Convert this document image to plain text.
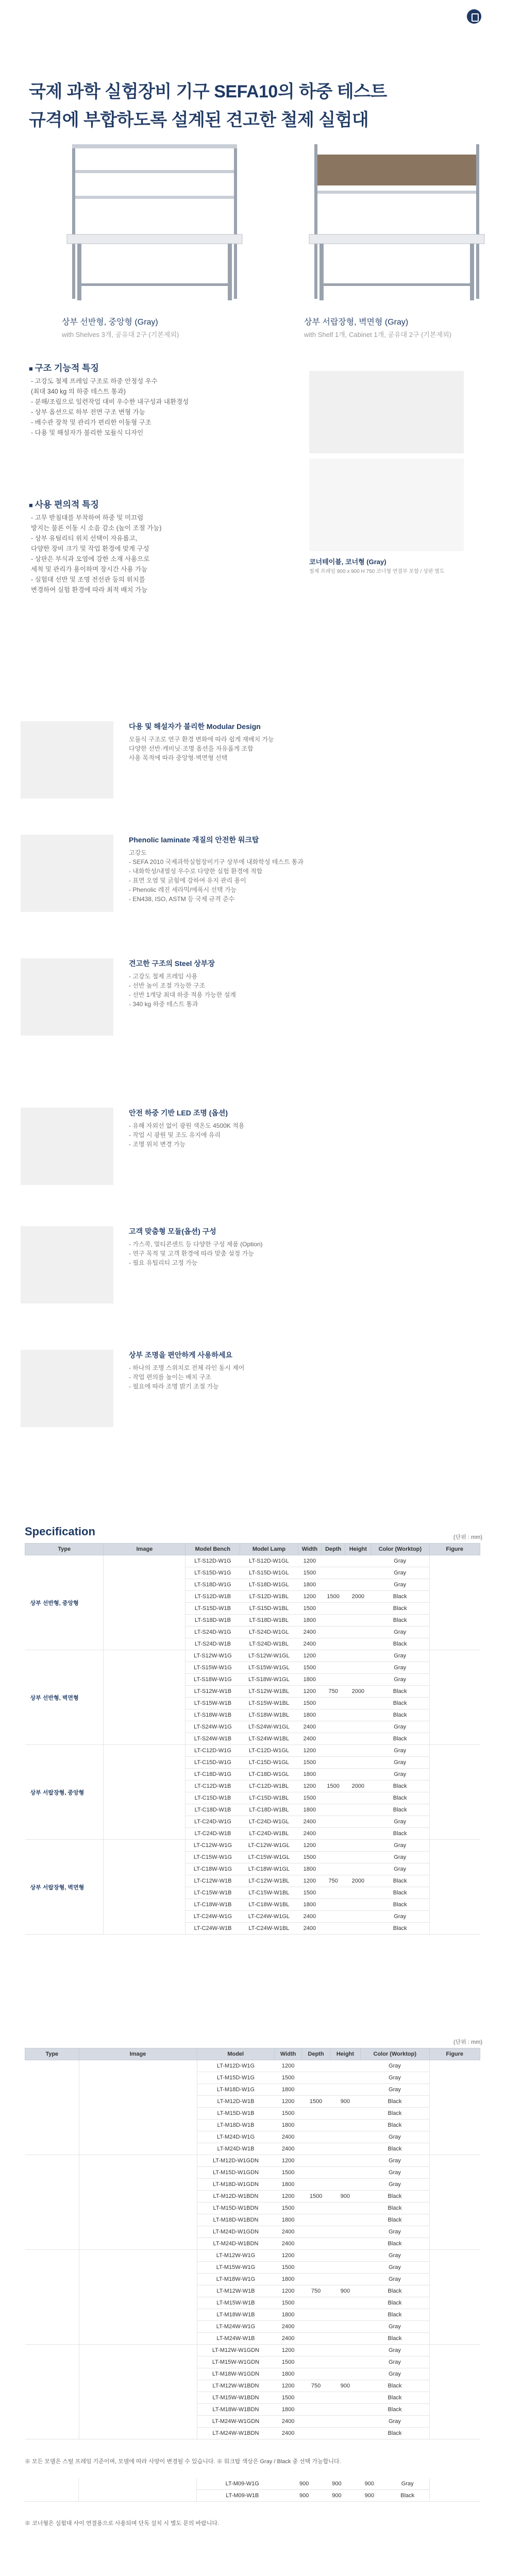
국제 과학 실험장비 기구 SEFA10의 하중 테스트
규격에 부합하도록 설계된 견고한 철제 실험대
상부 선반형, 중앙형 (Gray)
with Shelves 3개, 공유대 2구 (기본제외)
상부 서랍장형, 벽면형 (Gray)
with Shelf 1개, Cabinet 1개, 공유대 2구 (기본제외)
■ 구조 기능적 특징
- 고강도 철제 프레임 구조로 하중 안정성 우수
(최대 340 kg 의 하중 테스트 통과)
- 분해/조립으로 일련작업 대비 우수한 내구성과 내환경성
- 상부 옵션으로 하부 전면 구조 변형 가능
- 배수관 장착 및 관리가 편리한 이동형 구조
- 다용 및 해설자가 불리한 모듈식 디자인
코너테이블, 코너형 (Gray)
철제 프레임 900 x 900 H 750 코너형 연결부 포함 / 상판 별도
■ 사용 편의적 특징
- 고무 받침대를 부착하여 하중 및 미끄럼
방지는 물론 이동 시 소음 감소 (높이 조절 가능)
- 상부 유틸리티 위치 선택이 자유롭고,
다양한 장비 크기 및 작업 환경에 맞게 구성
- 상판은 부식과 오염에 강한 소재 사용으로
세척 및 관리가 용이하며 장시간 사용 가능
- 실험대 선반 및 조명 전선관 등의 위치를
변경하여 실험 환경에 따라 최적 배치 가능
다용 및 해설자가 불리한 Modular Design
모듈식 구조로 연구 환경 변화에 따라 쉽게 재배치 가능
다양한 선반·캐비닛·조명 옵션을 자유롭게 조합
사용 목적에 따라 중앙형·벽면형 선택
Phenolic laminate 재질의 안전한 워크탑
고강도
- SEFA 2010 국제과학실험장비기구 상부에 내화학성 테스트 통과
- 내화학성/내열성 우수로 다양한 실험 환경에 적합
- 표면 오염 및 긁힘에 강하여 유지 관리 용이
- Phenolic 레진 세라믹/에폭시 선택 가능
- EN438, ISO, ASTM 등 국제 규격 준수
견고한 구조의 Steel 상부장
- 고강도 철제 프레임 사용
- 선반 높이 조절 가능한 구조
- 선반 1개당 최대 하중 적용 가능한 설계
- 340 kg 하중 테스트 통과
안전 하중 기반 LED 조명 (옵션)
- 유해 자외선 없이 광원 색온도 4500K 적용
- 작업 시 광원 및 조도 유지에 유리
- 조명 위치 변경 가능
고객 맞춤형 모듈(옵션) 구성
- 가스콕, 멀티콘센트 등 다양한 구성 제품 (Option)
- 연구 목적 및 고객 환경에 따라 맞춤 설정 가능
- 필요 유틸리티 고정 가능
상부 조명을 편안하게 사용하세요
- 하나의 조명 스위치로 전체 라인 동시 제어
- 작업 편의를 높이는 배치 구조
- 필요에 따라 조명 밝기 조절 가능
Specification	(단위 : mm)
Type	Image	Model Bench	Model Lamp	Width	Depth	Height	Color (Worktop)	Figure
상부 선반형, 중앙형		LT-S12D-W1G	LT-S12D-W1GL	1200			Gray	
		LT-S15D-W1G	LT-S15D-W1GL	1500			Gray	
		LT-S18D-W1G	LT-S18D-W1GL	1800			Gray	
		LT-S12D-W1B	LT-S12D-W1BL	1200	1500	2000	Black	
		LT-S15D-W1B	LT-S15D-W1BL	1500			Black	
		LT-S18D-W1B	LT-S18D-W1BL	1800			Black	
		LT-S24D-W1G	LT-S24D-W1GL	2400			Gray	
		LT-S24D-W1B	LT-S24D-W1BL	2400			Black	
상부 선반형, 벽면형		LT-S12W-W1G	LT-S12W-W1GL	1200			Gray	
		LT-S15W-W1G	LT-S15W-W1GL	1500			Gray	
		LT-S18W-W1G	LT-S18W-W1GL	1800			Gray	
		LT-S12W-W1B	LT-S12W-W1BL	1200	750	2000	Black	
		LT-S15W-W1B	LT-S15W-W1BL	1500			Black	
		LT-S18W-W1B	LT-S18W-W1BL	1800			Black	
		LT-S24W-W1G	LT-S24W-W1GL	2400			Gray	
		LT-S24W-W1B	LT-S24W-W1BL	2400			Black	
상부 서랍장형, 중앙형		LT-C12D-W1G	LT-C12D-W1GL	1200			Gray	
		LT-C15D-W1G	LT-C15D-W1GL	1500			Gray	
		LT-C18D-W1G	LT-C18D-W1GL	1800			Gray	
		LT-C12D-W1B	LT-C12D-W1BL	1200	1500	2000	Black	
		LT-C15D-W1B	LT-C15D-W1BL	1500			Black	
		LT-C18D-W1B	LT-C18D-W1BL	1800			Black	
		LT-C24D-W1G	LT-C24D-W1GL	2400			Gray	
		LT-C24D-W1B	LT-C24D-W1BL	2400			Black	
상부 서랍장형, 벽면형		LT-C12W-W1G	LT-C12W-W1GL	1200			Gray	
		LT-C15W-W1G	LT-C15W-W1GL	1500			Gray	
		LT-C18W-W1G	LT-C18W-W1GL	1800			Gray	
		LT-C12W-W1B	LT-C12W-W1BL	1200	750	2000	Black	
		LT-C15W-W1B	LT-C15W-W1BL	1500			Black	
		LT-C18W-W1B	LT-C18W-W1BL	1800			Black	
		LT-C24W-W1G	LT-C24W-W1GL	2400			Gray	
		LT-C24W-W1B	LT-C24W-W1BL	2400			Black	
(단위 : mm)
Type	Image	Model	Width	Depth	Height	Color (Worktop)	Figure
		LT-M12D-W1G	1200			Gray	
		LT-M15D-W1G	1500			Gray	
		LT-M18D-W1G	1800			Gray	
		LT-M12D-W1B	1200	1500	900	Black	
		LT-M15D-W1B	1500			Black	
		LT-M18D-W1B	1800			Black	
		LT-M24D-W1G	2400			Gray	
		LT-M24D-W1B	2400			Black	
		LT-M12D-W1GDN	1200			Gray	
		LT-M15D-W1GDN	1500			Gray	
		LT-M18D-W1GDN	1800			Gray	
		LT-M12D-W1BDN	1200	1500	900	Black	
		LT-M15D-W1BDN	1500			Black	
		LT-M18D-W1BDN	1800			Black	
		LT-M24D-W1GDN	2400			Gray	
		LT-M24D-W1BDN	2400			Black	
		LT-M12W-W1G	1200			Gray	
		LT-M15W-W1G	1500			Gray	
		LT-M18W-W1G	1800			Gray	
		LT-M12W-W1B	1200	750	900	Black	
		LT-M15W-W1B	1500			Black	
		LT-M18W-W1B	1800			Black	
		LT-M24W-W1G	2400			Gray	
		LT-M24W-W1B	2400			Black	
		LT-M12W-W1GDN	1200			Gray	
		LT-M15W-W1GDN	1500			Gray	
		LT-M18W-W1GDN	1800			Gray	
		LT-M12W-W1BDN	1200	750	900	Black	
		LT-M15W-W1BDN	1500			Black	
		LT-M18W-W1BDN	1800			Black	
		LT-M24W-W1GDN	2400			Gray	
		LT-M24W-W1BDN	2400			Black	
※ 모든 모델은 스틸 프레임 기준이며, 모델에 따라 사양이 변경될 수 있습니다. ※ 워크탑 색상은 Gray / Black 중 선택 가능합니다.
		LT-M09-W1G	900	900	900	Gray	
		LT-M09-W1B	900	900	900	Black	
※ 코너형은 실험대 사이 연결용으로 사용되며 단독 설치 시 별도 문의 바랍니다.
